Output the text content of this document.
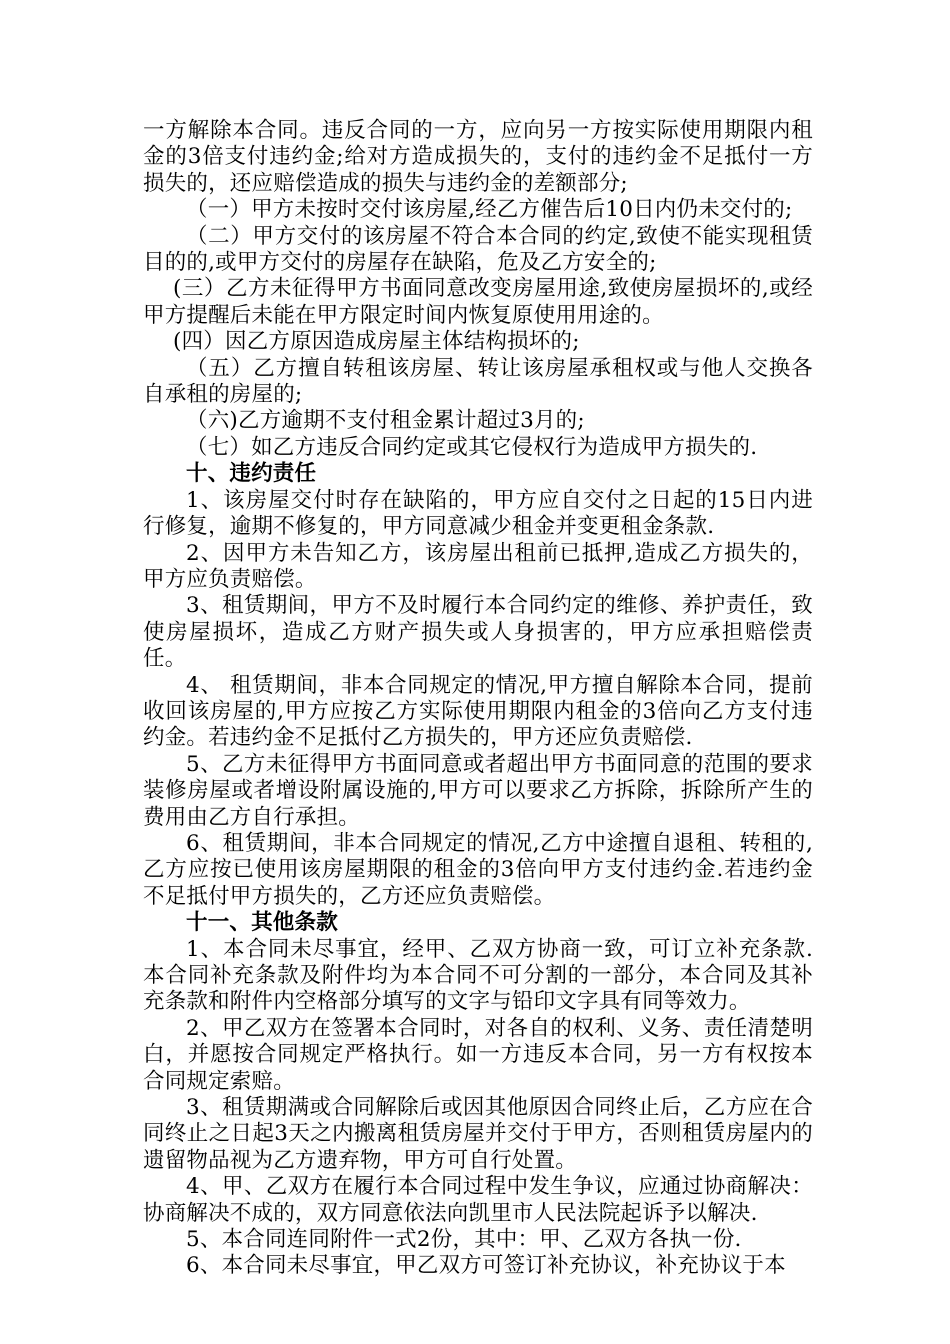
一方解除本合同。违反合同的一方，应向另一方按实际使用期限内租金的3倍支付违约金;给对方造成损失的，支付的违约金不足抵付一方损失的，还应赔偿造成的损失与违约金的差额部分;

（一）甲方未按时交付该房屋,经乙方催告后10日内仍未交付的;

（二）甲方交付的该房屋不符合本合同的约定,致使不能实现租赁目的的,或甲方交付的房屋存在缺陷，危及乙方安全的;

(三）乙方未征得甲方书面同意改变房屋用途,致使房屋损坏的,或经甲方提醒后未能在甲方限定时间内恢复原使用用途的。

(四）因乙方原因造成房屋主体结构损坏的;

（五）乙方擅自转租该房屋、转让该房屋承租权或与他人交换各自承租的房屋的;

（六)乙方逾期不支付租金累计超过3月的;

（七）如乙方违反合同约定或其它侵权行为造成甲方损失的.

十、违约责任

1、该房屋交付时存在缺陷的，甲方应自交付之日起的15日内进行修复，逾期不修复的，甲方同意减少租金并变更租金条款.

2、因甲方未告知乙方，该房屋出租前已抵押,造成乙方损失的，甲方应负责赔偿。

3、租赁期间，甲方不及时履行本合同约定的维修、养护责任，致使房屋损坏，造成乙方财产损失或人身损害的，甲方应承担赔偿责任。

4、 租赁期间，非本合同规定的情况,甲方擅自解除本合同，提前收回该房屋的,甲方应按乙方实际使用期限内租金的3倍向乙方支付违约金。若违约金不足抵付乙方损失的，甲方还应负责赔偿.

5、乙方未征得甲方书面同意或者超出甲方书面同意的范围的要求装修房屋或者增设附属设施的,甲方可以要求乙方拆除，拆除所产生的费用由乙方自行承担。

6、租赁期间，非本合同规定的情况,乙方中途擅自退租、转租的,乙方应按已使用该房屋期限的租金的3倍向甲方支付违约金.若违约金不足抵付甲方损失的，乙方还应负责赔偿。

十一、其他条款

1、本合同未尽事宜，经甲、乙双方协商一致，可订立补充条款.本合同补充条款及附件均为本合同不可分割的一部分，本合同及其补充条款和附件内空格部分填写的文字与铅印文字具有同等效力。

2、甲乙双方在签署本合同时，对各自的权利、义务、责任清楚明白，并愿按合同规定严格执行。如一方违反本合同，另一方有权按本合同规定索赔。

3、租赁期满或合同解除后或因其他原因合同终止后，乙方应在合同终止之日起3天之内搬离租赁房屋并交付于甲方，否则租赁房屋内的遗留物品视为乙方遗弃物，甲方可自行处置。

4、甲、乙双方在履行本合同过程中发生争议，应通过协商解决：协商解决不成的，双方同意依法向凯里市人民法院起诉予以解决.

5、本合同连同附件一式2份，其中：甲、乙双方各执一份.

6、本合同未尽事宜，甲乙双方可签订补充协议，补充协议于本
